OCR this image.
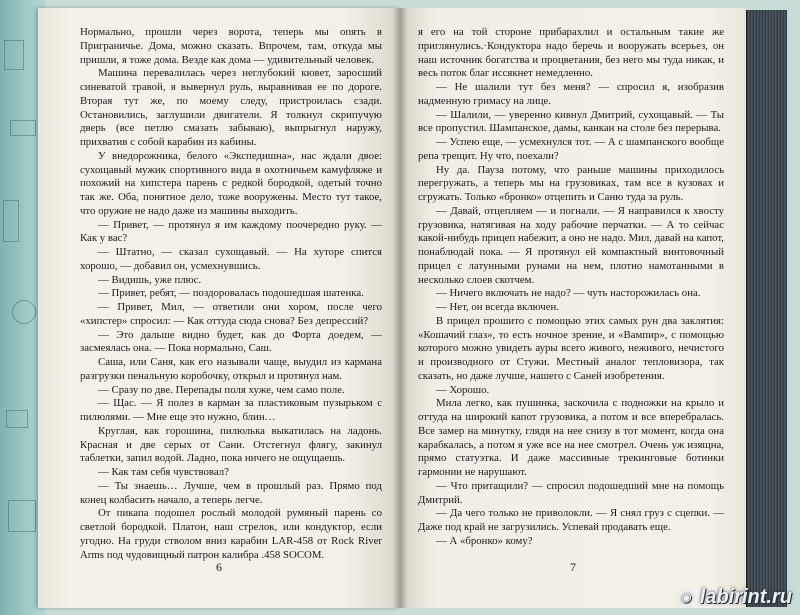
Нормально, прошли через ворота, теперь мы опять в Приграничье. Дома, можно сказать. Впрочем, там, откуда мы пришли, я тоже дома. Везде как дома — удивительный человек.

Машина перевалилась через неглубокий кювет, заросший синеватой травой, я вывернул руль, выравнивая ее по дороге. Вторая тут же, по моему следу, пристроилась сзади. Остановились, заглушили двигатели. Я толкнул скрипучую дверь (все петлю смазать забываю), выпрыгнул наружу, прихватив с собой карабин из кабины.

У внедорожника, белого «Экспедишна», нас ждали двое: сухощавый мужик спортивного вида в охотничьем камуфляже и похожий на хипстера парень с редкой бородкой, одетый точно так же. Оба, понятное дело, тоже вооружены. Место тут такое, что оружие не надо даже из машины выходить.

— Привет, — протянул я им каждому поочередно руку. — Как у вас?

— Штатно, — сказал сухощавый. — На хуторе спится хорошо, — добавил он, усмехнувшись.

— Видишь, уже плюс.

— Привет, ребят, — поздоровалась подошедшая шатенка.

— Привет, Мил, — ответили они хором, после чего «хипстер» спросил: — Как оттуда сюда снова? Без депрессий?

— Это дальше видно будет, как до Форта доедем, — засмеялась она. — Пока нормально, Саш.

Саша, или Саня, как его называли чаще, выудил из кармана разгрузки пенальную коробочку, открыл и протянул нам.

— Сразу по две. Перепады поля хуже, чем само поле.

— Щас. — Я полез в карман за пластиковым пузырьком с пилюлями. — Мне еще это нужно, блин…

Круглая, как горошина, пилюлька выкатилась на ладонь. Красная и две серых от Сани. Отстегнул флягу, закинул таблетки, запил водой. Ладно, пока ничего не ощущаешь.

— Как там себя чувствовал?

— Ты знаешь… Лучше, чем в прошлый раз. Прямо под конец колбасить начало, а теперь легче.

От пикапа подошел рослый молодой румяный парень со светлой бородкой. Платон, наш стрелок, или кондуктор, если угодно. На груди стволом вниз карабин LAR-458 от Rock River Arms под чудовищный патрон калибра .458 SOCOM.

6

я его на той стороне прибарахлил и остальным такие же приглянулись.·Кондуктора надо беречь и вооружать всерьез, он наш источник богатства и процветания, без него мы туда никак, и весь поток благ иссякнет немедленно.

— Не шалили тут без меня? — спросил я, изобразив надменную гримасу на лице.

— Шалили, — уверенно кивнул Дмитрий, сухощавый. — Ты все пропустил. Шампанское, дамы, канкан на столе без перерыва.

— Успею еще, — усмехнулся тот. — А с шампанского вообще репа трещит. Ну что, поехали?

Ну да. Пауза потому, что раньше машины приходилось перегружать, а теперь мы на грузовиках, там все в кузовах и сгружать. Только «бронко» отцепить и Саню туда за руль.

— Давай, отцепляем — и погнали. — Я направился к хвосту грузовика, натягивая на ходу рабочие перчатки. — А то сейчас какой-нибудь прицеп набежит, а оно не надо. Мил, давай на капот, понаблюдай пока. — Я протянул ей компактный винтовочный прицел с латунными рунами на нем, плотно намотанными в несколько слоев скотчем.

— Ничего включать не надо? — чуть насторожилась она.

— Нет, он всегда включен.

В прицел прошито с помощью этих самых рун два заклятия: «Кошачий глаз», то есть ночное зрение, и «Вампир», с помощью которого можно увидеть ауры всего живого, неживого, нечистого и производного от Стужи. Местный аналог тепловизора, так сказать, но даже лучше, нашего с Саней изобретения.

— Хорошо.

Мила легко, как пушинка, заскочила с подножки на крыло и оттуда на широкий капот грузовика, а потом и все вперебралась. Все замер на минутку, глядя на нее снизу в тот момент, когда она карабкалась, а потом я уже все на нее смотрел. Очень уж изящна, прямо статуэтка. И даже массивные трекинговые ботинки гармонии не нарушают.

— Что притащили? — спросил подошедший мне на помощь Дмитрий.

— Да чего только не приволокли. — Я снял груз с сцепки. — Даже под край не загрузились. Успевай продавать еще.

— А «бронко» кому?

7
◉ labirint.ru
